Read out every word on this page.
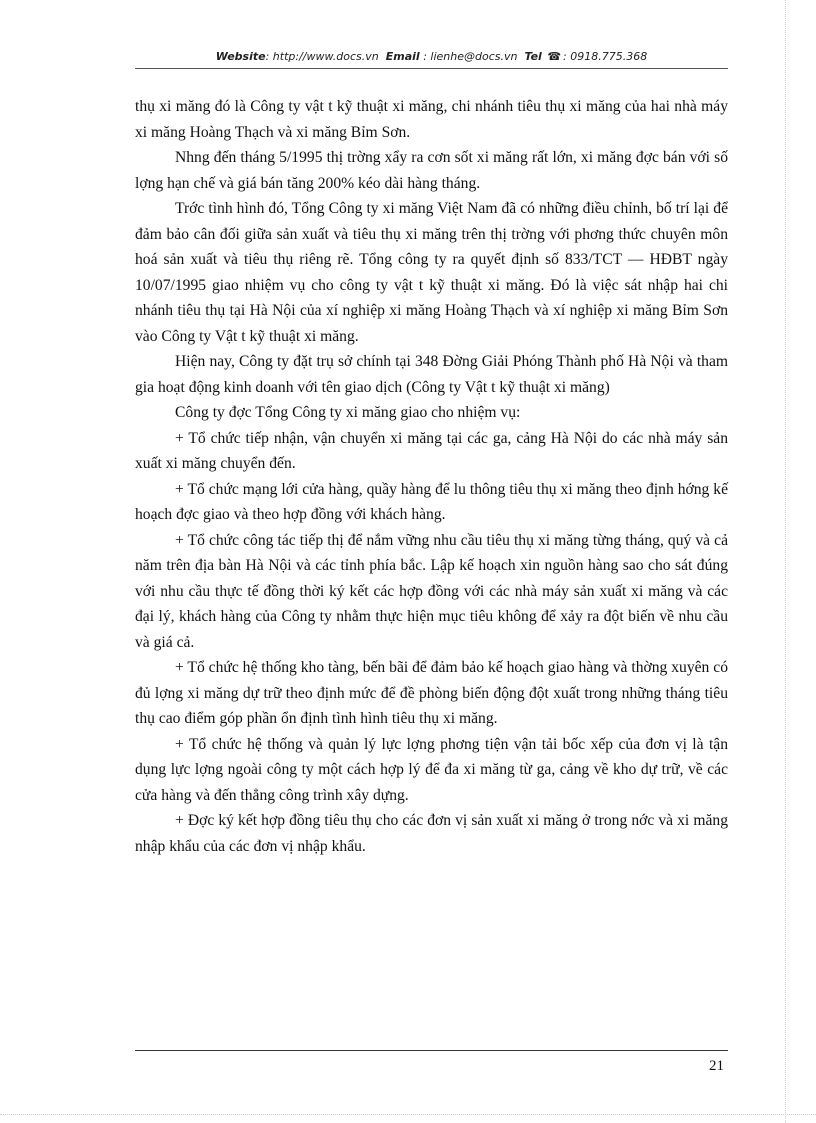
Website: http://www.docs.vn Email : lienhe@docs.vn Tel ☎ : 0918.775.368

thụ xi măng đó là Công ty vật t kỹ thuật xi măng, chi nhánh tiêu thụ xi măng của hai nhà máy xi măng Hoàng Thạch và xi măng Bỉm Sơn.

Nhng đến tháng 5/1995 thị trờng xẩy ra cơn sốt xi măng rất lớn, xi măng đợc bán với số lợng hạn chế và giá bán tăng 200% kéo dài hàng tháng.

Trớc tình hình đó, Tổng Công ty xi măng Việt Nam đã có những điều chỉnh, bố trí lại để đảm bảo cân đối giữa sản xuất và tiêu thụ xi măng trên thị trờng với phơng thức chuyên môn hoá sản xuất và tiêu thụ riêng rẽ. Tổng công ty ra quyết định số 833/TCT — HĐBT ngày 10/07/1995 giao nhiệm vụ cho công ty vật t kỹ thuật xi măng. Đó là việc sát nhập hai chi nhánh tiêu thụ tại Hà Nội của xí nghiệp xi măng Hoàng Thạch và xí nghiệp xi măng Bỉm Sơn vào Công ty Vật t kỹ thuật xi măng.

Hiện nay, Công ty đặt trụ sở chính tại 348 Đờng Giải Phóng Thành phố Hà Nội và tham gia hoạt động kinh doanh với tên giao dịch (Công ty Vật t kỹ thuật xi măng)

Công ty đợc Tổng Công ty xi măng giao cho nhiệm vụ:

+ Tổ chức tiếp nhận, vận chuyển xi măng tại các ga, cảng Hà Nội do các nhà máy sản xuất xi măng chuyển đến.

+ Tổ chức mạng lới cửa hàng, quầy hàng để lu thông tiêu thụ xi măng theo định hớng kế hoạch đợc giao và theo hợp đồng với khách hàng.

+ Tổ chức công tác tiếp thị để nắm vững nhu cầu tiêu thụ xi măng từng tháng, quý và cả năm trên địa bàn Hà Nội và các tỉnh phía bắc. Lập kế hoạch xin nguồn hàng sao cho sát đúng với nhu cầu thực tế đồng thời ký kết các hợp đồng với các nhà máy sản xuất xi măng và các đại lý, khách hàng của Công ty nhằm thực hiện mục tiêu không để xảy ra đột biến về nhu cầu và giá cả.

+ Tổ chức hệ thống kho tàng, bến bãi để đảm bảo kế hoạch giao hàng và thờng xuyên có đủ lợng xi măng dự trữ theo định mức để đề phòng biến động đột xuất trong những tháng tiêu thụ cao điểm góp phần ổn định tình hình tiêu thụ xi măng.

+ Tổ chức hệ thống và quản lý lực lợng phơng tiện vận tải bốc xếp của đơn vị là tận dụng lực lợng ngoài công ty một cách hợp lý để đa xi măng từ ga, cảng về kho dự trữ, về các cửa hàng và đến thẳng công trình xây dựng.

+ Đợc ký kết hợp đồng tiêu thụ cho các đơn vị sản xuất xi măng ở trong nớc và xi măng nhập khẩu của các đơn vị nhập khẩu.

21
